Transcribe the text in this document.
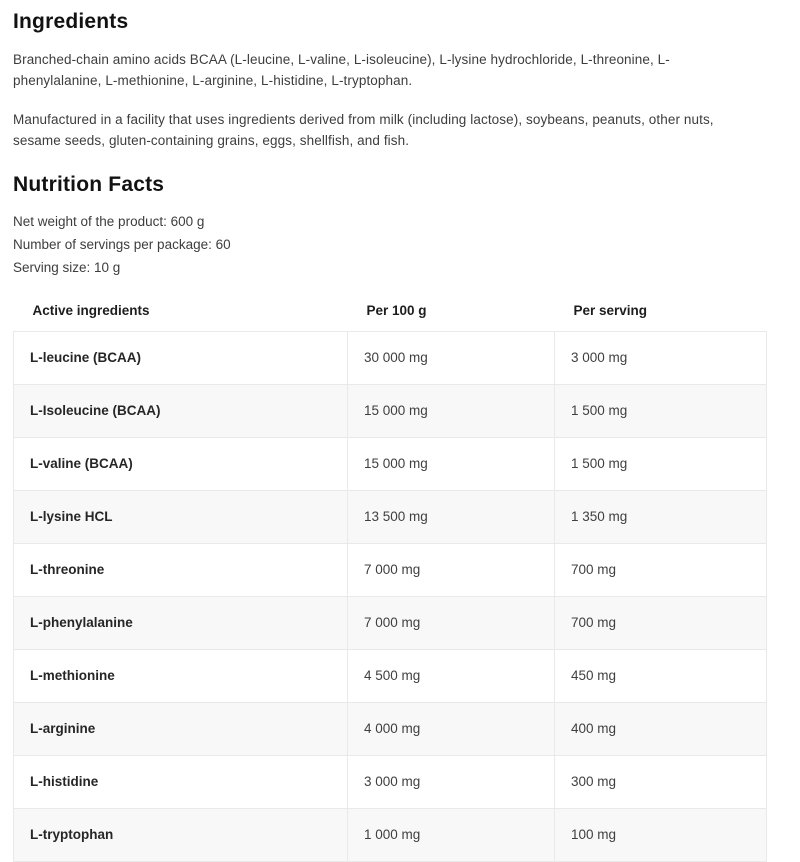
Ingredients

Branched-chain amino acids BCAA (L-leucine, L-valine, L-isoleucine), L-lysine hydrochloride, L-threonine, L-phenylalanine, L-methionine, L-arginine, L-histidine, L-tryptophan.

Manufactured in a facility that uses ingredients derived from milk (including lactose), soybeans, peanuts, other nuts, sesame seeds, gluten-containing grains, eggs, shellfish, and fish.

Nutrition Facts

Net weight of the product: 600 g

Number of servings per package: 60

Serving size: 10 g

Active ingredients	Per 100 g	Per serving
L-leucine (BCAA)	30 000 mg	3 000 mg
L-Isoleucine (BCAA)	15 000 mg	1 500 mg
L-valine (BCAA)	15 000 mg	1 500 mg
L-lysine HCL	13 500 mg	1 350 mg
L-threonine	7 000 mg	700 mg
L-phenylalanine	7 000 mg	700 mg
L-methionine	4 500 mg	450 mg
L-arginine	4 000 mg	400 mg
L-histidine	3 000 mg	300 mg
L-tryptophan	1 000 mg	100 mg
